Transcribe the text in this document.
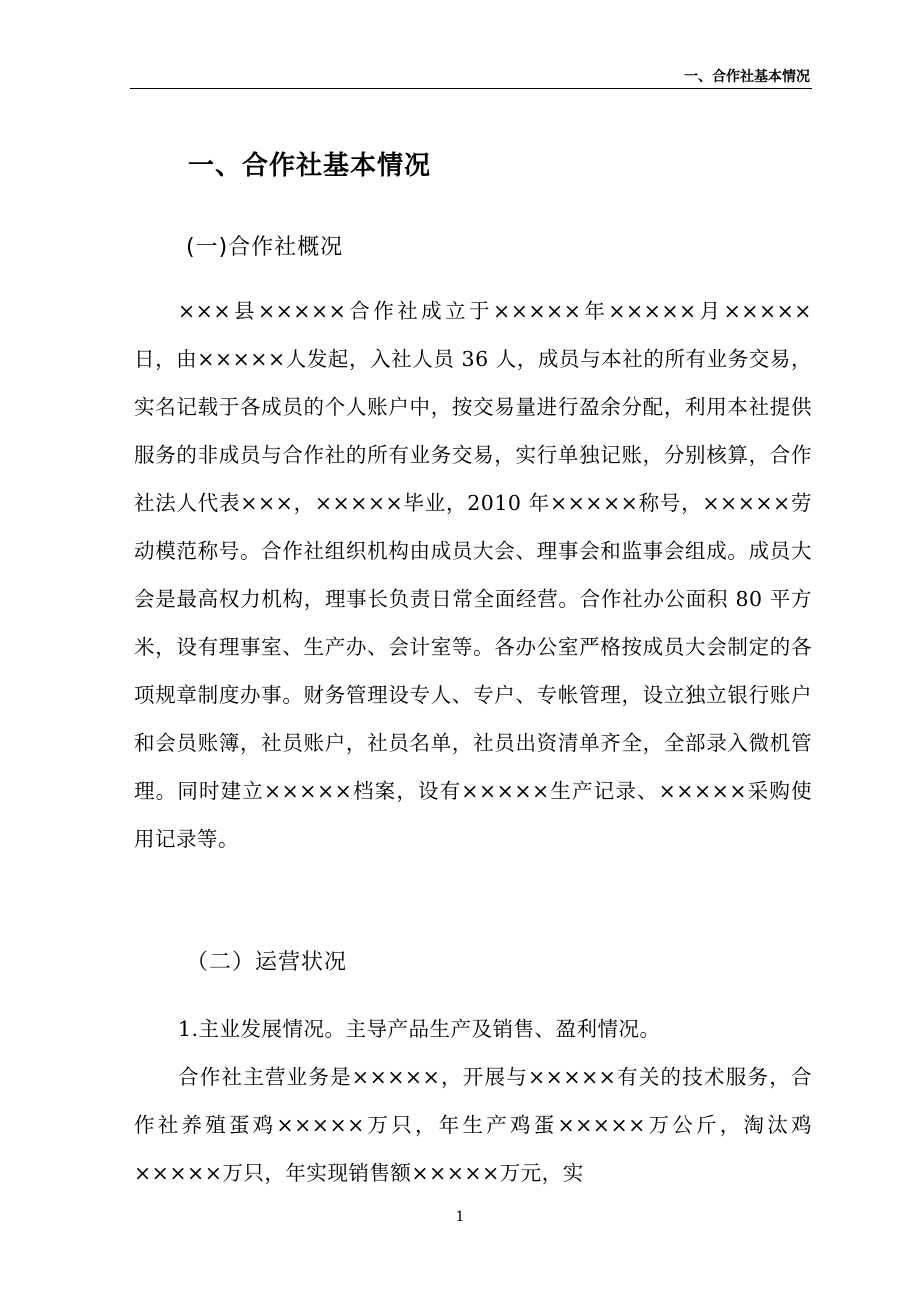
一、合作社基本情况
一、合作社基本情况
(一)合作社概况
×××县×××××合作社成立于×××××年×××××月×××××日，由×××××人发起，入社人员 36 人，成员与本社的所有业务交易，实名记载于各成员的个人账户中，按交易量进行盈余分配，利用本社提供服务的非成员与合作社的所有业务交易，实行单独记账，分别核算，合作社法人代表×××，×××××毕业，2010 年×××××称号，×××××劳动模范称号。合作社组织机构由成员大会、理事会和监事会组成。成员大会是最高权力机构，理事长负责日常全面经营。合作社办公面积 80 平方米，设有理事室、生产办、会计室等。各办公室严格按成员大会制定的各项规章制度办事。财务管理设专人、专户、专帐管理，设立独立银行账户和会员账簿，社员账户，社员名单，社员出资清单齐全，全部录入微机管理。同时建立×××××档案，设有×××××生产记录、×××××采购使用记录等。
（二）运营状况
1.主业发展情况。主导产品生产及销售、盈利情况。
合作社主营业务是×××××，开展与×××××有关的技术服务，合作社养殖蛋鸡×××××万只，年生产鸡蛋×××××万公斤，淘汰鸡×××××万只，年实现销售额×××××万元，实
1
